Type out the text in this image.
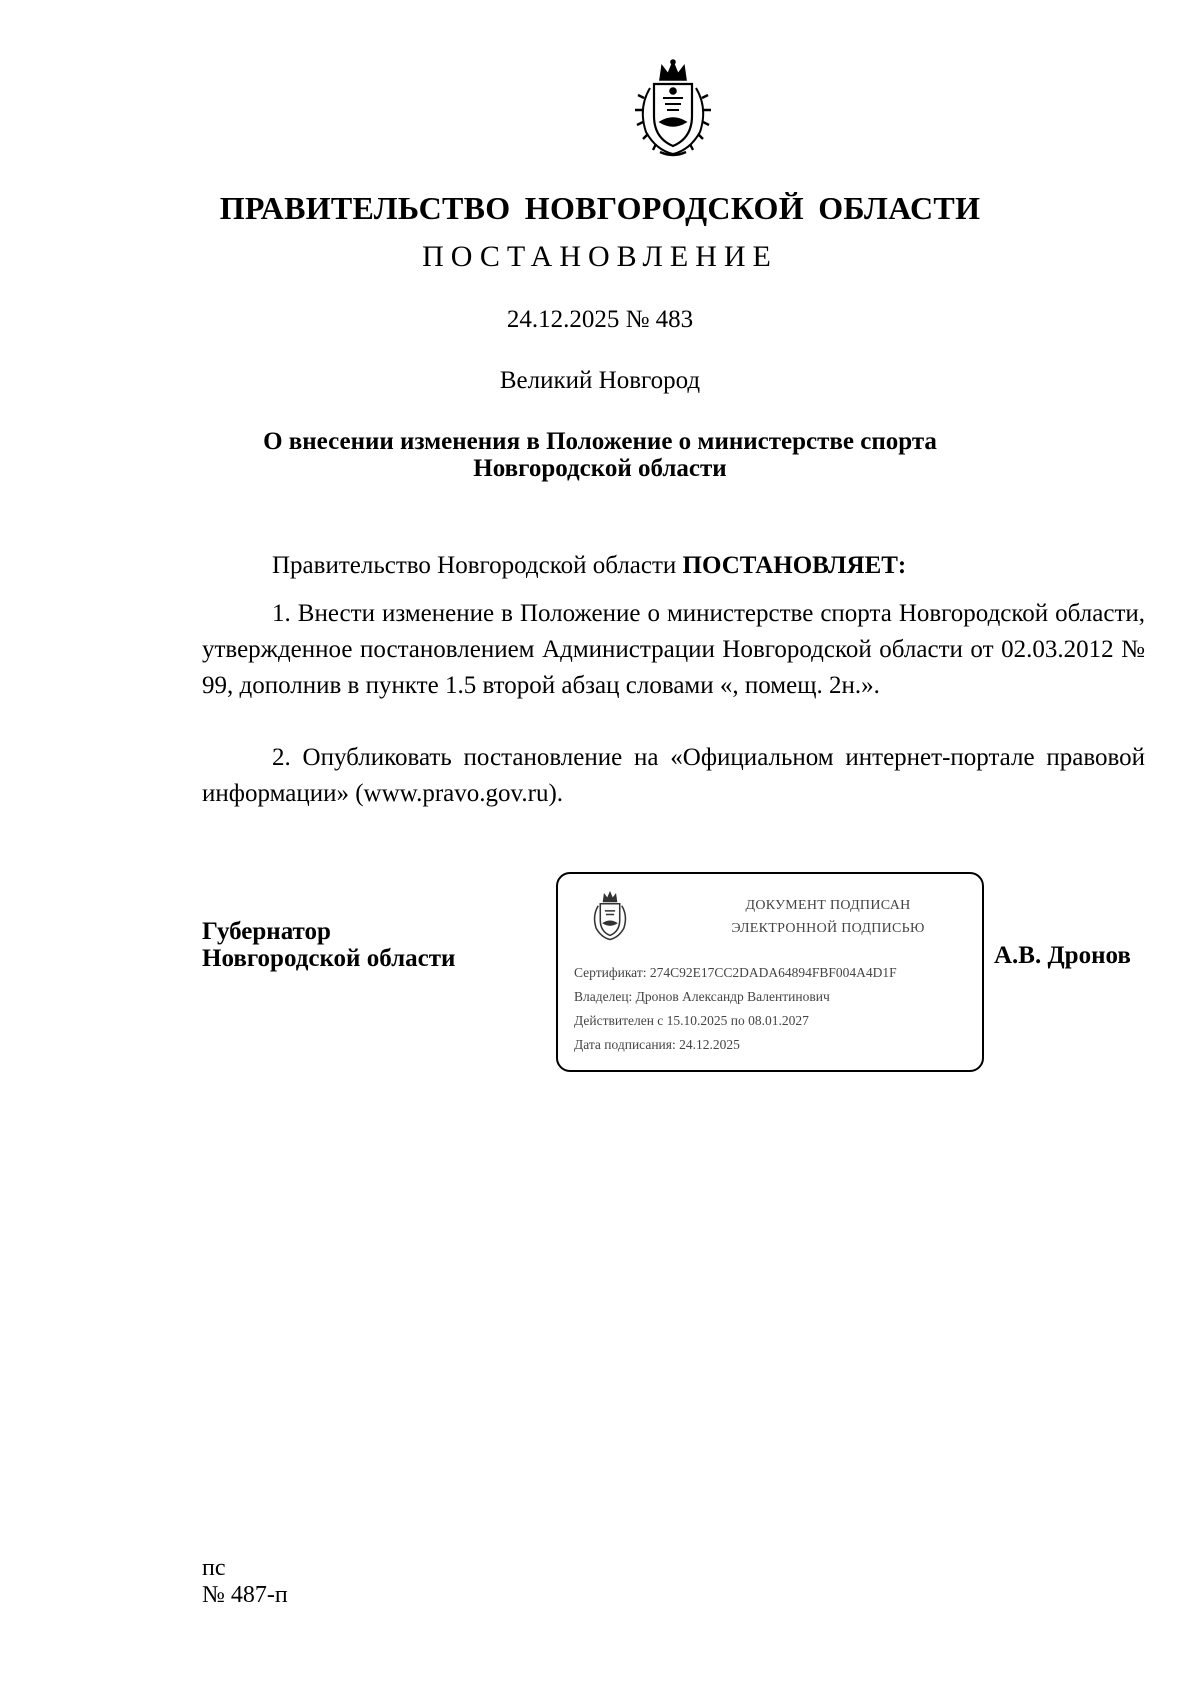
ПРАВИТЕЛЬСТВО НОВГОРОДСКОЙ ОБЛАСТИ
ПОСТАНОВЛЕНИЕ
24.12.2025 № 483
Великий Новгород
О внесении изменения в Положение о министерстве спорта
Новгородской области
Правительство Новгородской области ПОСТАНОВЛЯЕТ:
1. Внести изменение в Положение о министерстве спорта Новгородской области, утвержденное постановлением Администрации Новгородской области от 02.03.2012 № 99, дополнив в пункте 1.5 второй абзац словами «, помещ. 2н.».
2. Опубликовать постановление на «Официальном интернет-портале правовой информации» (www.pravo.gov.ru).
Губернатор
Новгородской области
ДОКУМЕНТ ПОДПИСАН
ЭЛЕКТРОННОЙ ПОДПИСЬЮ
Сертификат: 274C92E17CC2DADA64894FBF004A4D1F
Владелец: Дронов Александр Валентинович
Действителен с 15.10.2025 по 08.01.2027
Дата подписания: 24.12.2025
А.В. Дронов
пс
№ 487-п
